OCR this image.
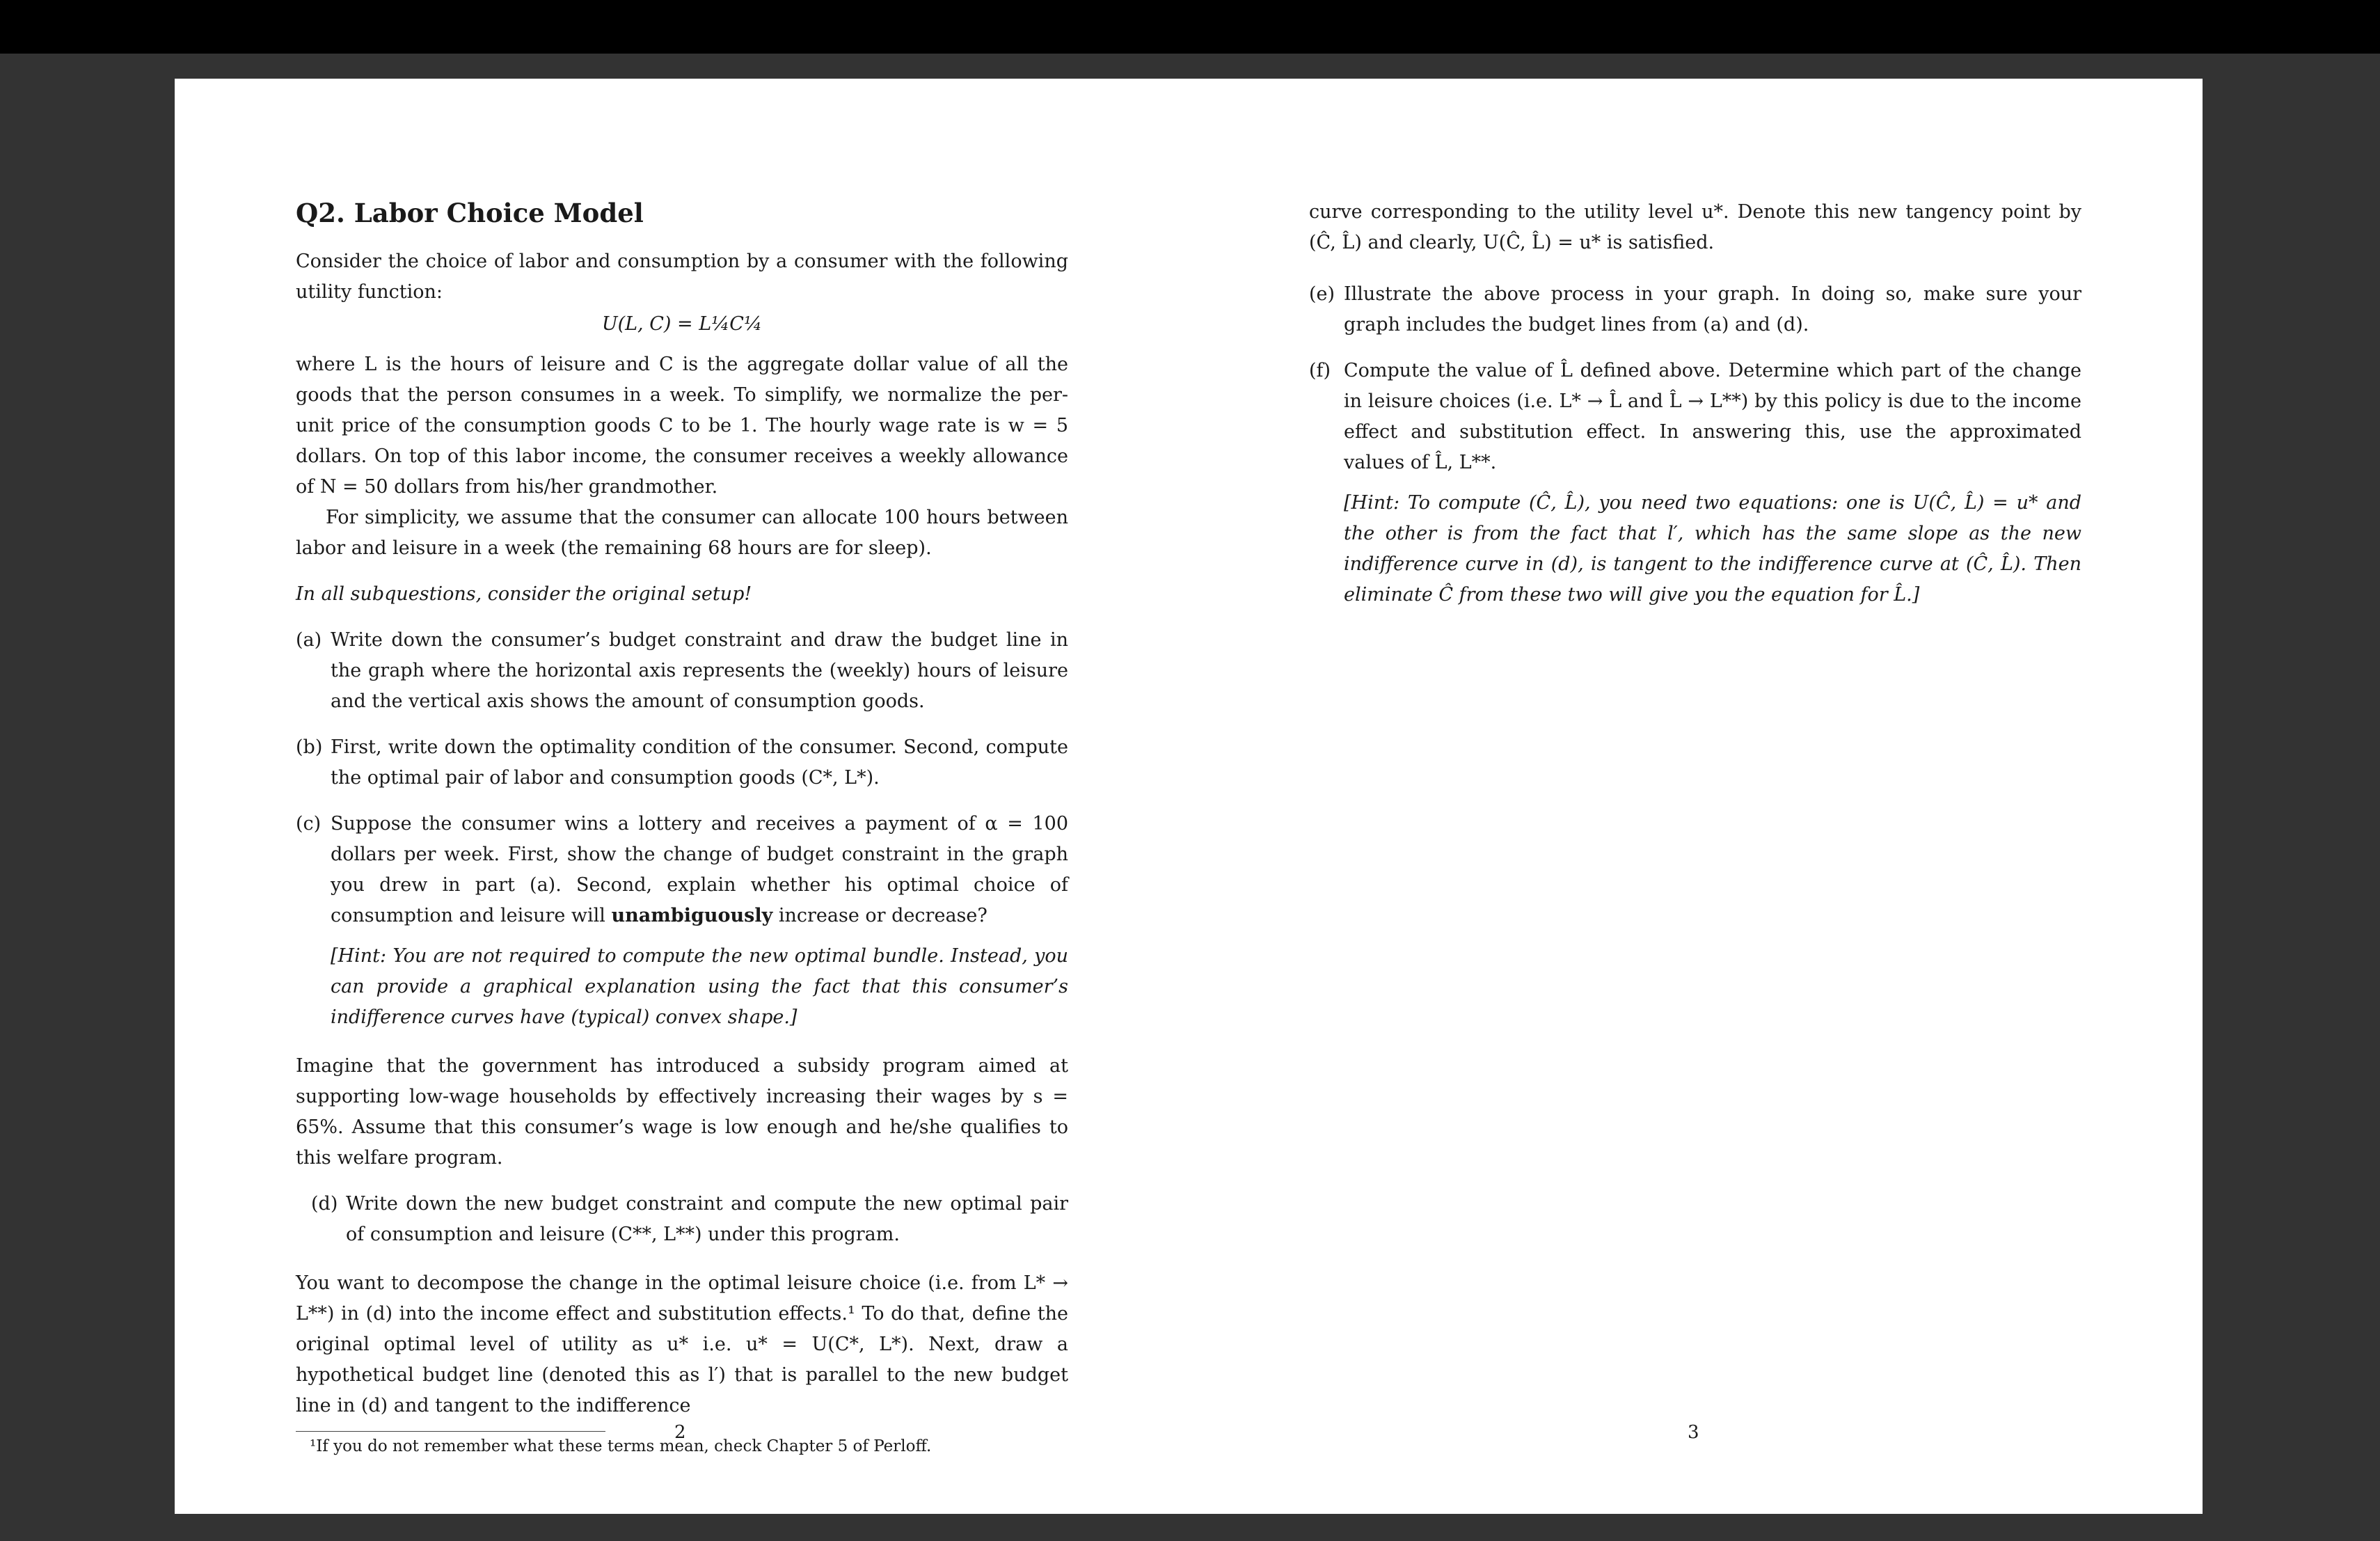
Q2. Labor Choice Model

Consider the choice of labor and consumption by a consumer with the following utility function:

U(L, C) = L¼C¼

where L is the hours of leisure and C is the aggregate dollar value of all the goods that the person consumes in a week. To simplify, we normalize the per-unit price of the consumption goods C to be 1. The hourly wage rate is w = 5 dollars. On top of this labor income, the consumer receives a weekly allowance of N = 50 dollars from his/her grandmother.

For simplicity, we assume that the consumer can allocate 100 hours between labor and leisure in a week (the remaining 68 hours are for sleep).

In all subquestions, consider the original setup!

(a) Write down the consumer’s budget constraint and draw the budget line in the graph where the horizontal axis represents the (weekly) hours of leisure and the vertical axis shows the amount of consumption goods.

(b) First, write down the optimality condition of the consumer. Second, compute the optimal pair of labor and consumption goods (C*, L*).

(c) Suppose the consumer wins a lottery and receives a payment of α = 100 dollars per week. First, show the change of budget constraint in the graph you drew in part (a). Second, explain whether his optimal choice of consumption and leisure will unambiguously increase or decrease?

[Hint: You are not required to compute the new optimal bundle. Instead, you can provide a graphical explanation using the fact that this consumer’s indifference curves have (typical) convex shape.]

Imagine that the government has introduced a subsidy program aimed at supporting low-wage households by effectively increasing their wages by s = 65%. Assume that this consumer’s wage is low enough and he/she qualifies to this welfare program.

(d) Write down the new budget constraint and compute the new optimal pair of consumption and leisure (C**, L**) under this program.

You want to decompose the change in the optimal leisure choice (i.e. from L* → L**) in (d) into the income effect and substitution effects.¹ To do that, define the original optimal level of utility as u* i.e. u* = U(C*, L*). Next, draw a hypothetical budget line (denoted this as l′) that is parallel to the new budget line in (d) and tangent to the indifference

¹If you do not remember what these terms mean, check Chapter 5 of Perloff.

2

curve corresponding to the utility level u*. Denote this new tangency point by (Ĉ, L̂) and clearly, U(Ĉ, L̂) = u* is satisfied.

(e) Illustrate the above process in your graph. In doing so, make sure your graph includes the budget lines from (a) and (d).

(f) Compute the value of L̂ defined above. Determine which part of the change in leisure choices (i.e. L* → L̂ and L̂ → L**) by this policy is due to the income effect and substitution effect. In answering this, use the approximated values of L̂, L**.

[Hint: To compute (Ĉ, L̂), you need two equations: one is U(Ĉ, L̂) = u* and the other is from the fact that l′, which has the same slope as the new indifference curve in (d), is tangent to the indifference curve at (Ĉ, L̂). Then eliminate Ĉ from these two will give you the equation for L̂.]

3
